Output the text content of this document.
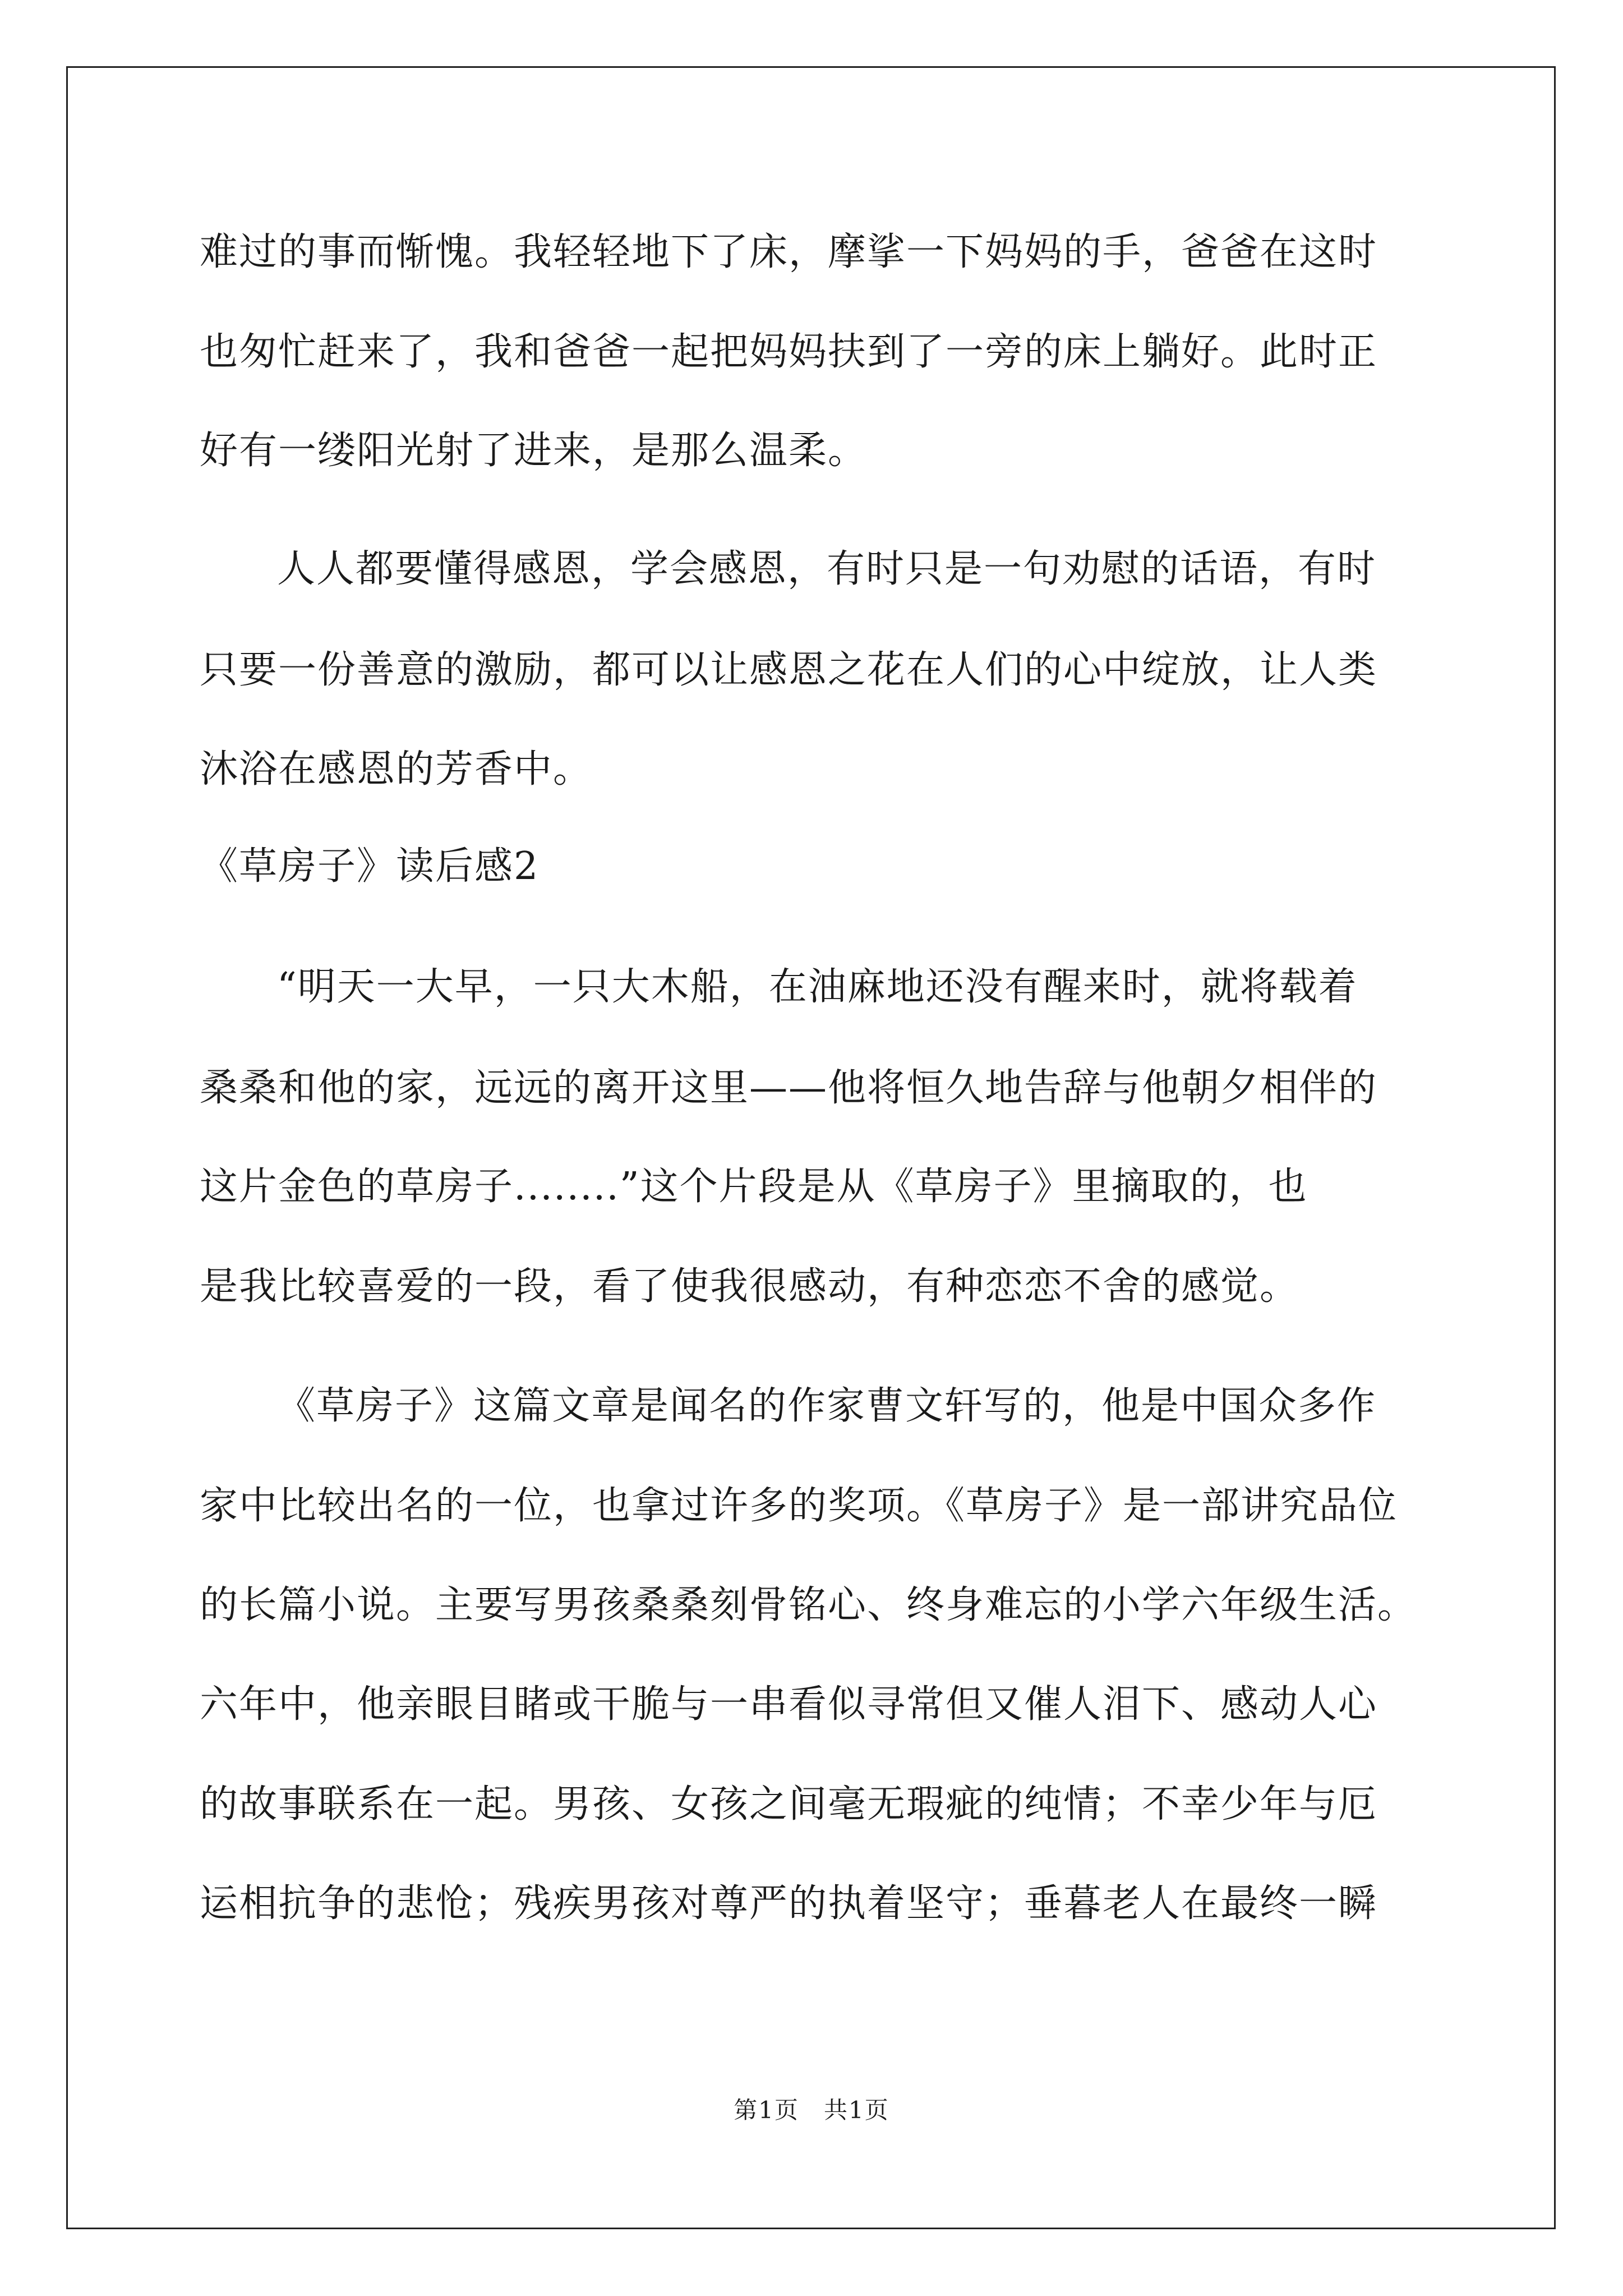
难过的事而惭愧。我轻轻地下了床，摩挲一下妈妈的手，爸爸在这时
也匆忙赶来了，我和爸爸一起把妈妈扶到了一旁的床上躺好。此时正
好有一缕阳光射了进来，是那么温柔。
人人都要懂得感恩，学会感恩，有时只是一句劝慰的话语，有时
只要一份善意的激励，都可以让感恩之花在人们的心中绽放，让人类
沐浴在感恩的芳香中。
《草房子》读后感2
“明天一大早，一只大木船，在油麻地还没有醒来时，就将载着
桑桑和他的家，远远的离开这里——他将恒久地告辞与他朝夕相伴的
这片金色的草房子........”这个片段是从《草房子》里摘取的，也
是我比较喜爱的一段，看了使我很感动，有种恋恋不舍的感觉。
《草房子》这篇文章是闻名的作家曹文轩写的，他是中国众多作
家中比较出名的一位，也拿过许多的奖项。《草房子》是一部讲究品位
的长篇小说。主要写男孩桑桑刻骨铭心、终身难忘的小学六年级生活。
六年中，他亲眼目睹或干脆与一串看似寻常但又催人泪下、感动人心
的故事联系在一起。男孩、女孩之间毫无瑕疵的纯情；不幸少年与厄
运相抗争的悲怆；残疾男孩对尊严的执着坚守；垂暮老人在最终一瞬
第1页　共1页
